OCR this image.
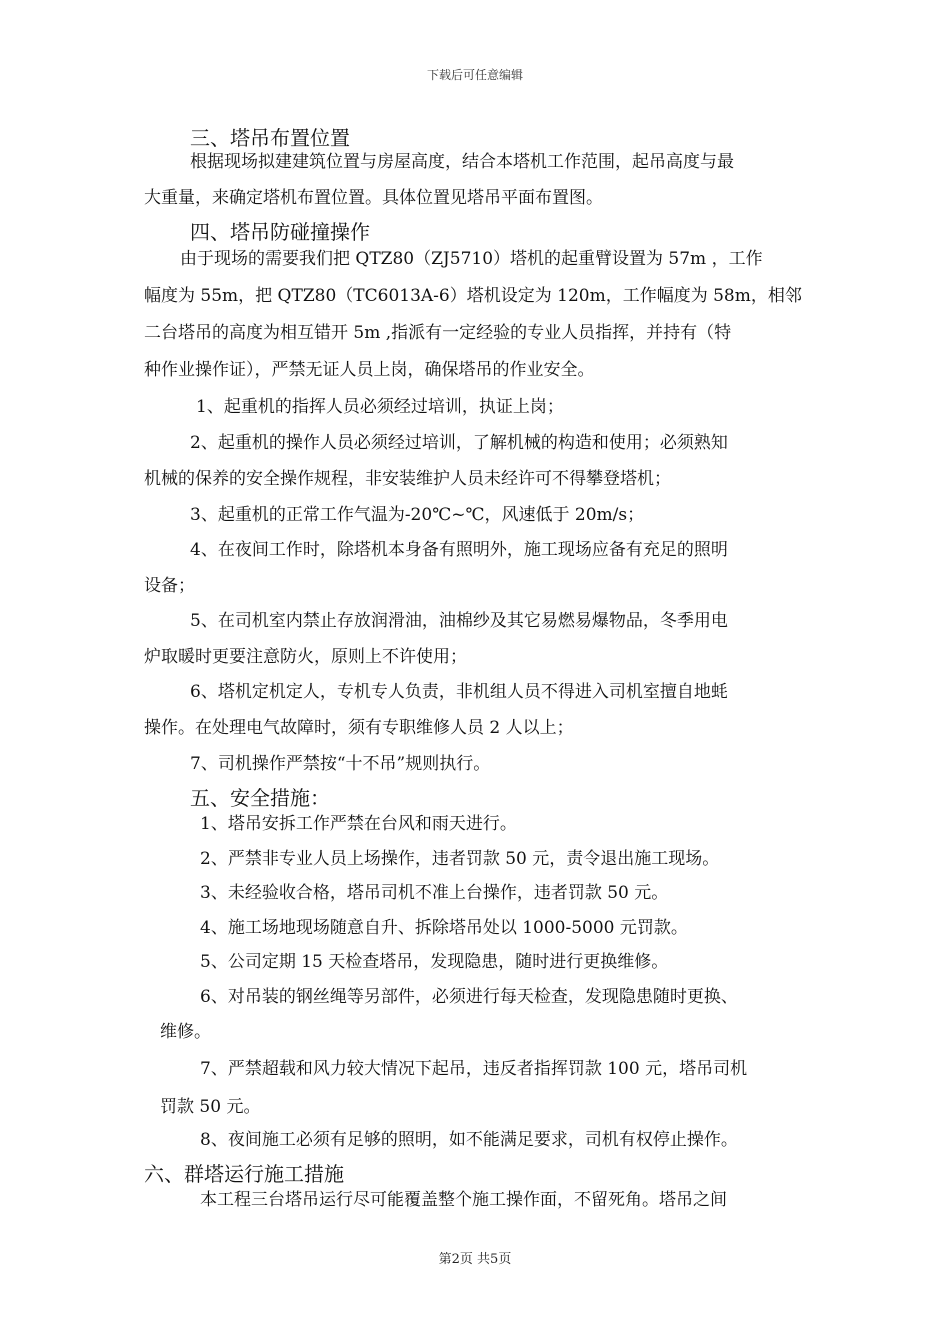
下载后可任意编辑
三、塔吊布置位置
根据现场拟建建筑位置与房屋高度，结合本塔机工作范围，起吊高度与最
大重量，来确定塔机布置位置。具体位置见塔吊平面布置图。
四、塔吊防碰撞操作
由于现场的需要我们把 QTZ80（ZJ5710）塔机的起重臂设置为 57m ，工作
幅度为 55m，把 QTZ80（TC6013A-6）塔机设定为 120m，工作幅度为 58m，相邻
二台塔吊的高度为相互错开 5m ,指派有一定经验的专业人员指挥，并持有（特
种作业操作证），严禁无证人员上岗，确保塔吊的作业安全。
1、起重机的指挥人员必须经过培训，执证上岗；
2、起重机的操作人员必须经过培训，了解机械的构造和使用；必须熟知
机械的保养的安全操作规程，非安装维护人员未经许可不得攀登塔机；
3、起重机的正常工作气温为-20℃~℃，风速低于 20m/s；
4、在夜间工作时，除塔机本身备有照明外，施工现场应备有充足的照明
设备；
5、在司机室内禁止存放润滑油，油棉纱及其它易燃易爆物品，冬季用电
炉取暖时更要注意防火，原则上不许使用；
6、塔机定机定人，专机专人负责，非机组人员不得进入司机室擅自地蚝
操作。在处理电气故障时，须有专职维修人员 2 人以上；
7、司机操作严禁按“十不吊”规则执行。
五、安全措施：
1、塔吊安拆工作严禁在台风和雨天进行。
2、严禁非专业人员上场操作，违者罚款 50 元，责令退出施工现场。
3、未经验收合格，塔吊司机不准上台操作，违者罚款 50 元。
4、施工场地现场随意自升、拆除塔吊处以 1000-5000 元罚款。
5、公司定期 15 天检查塔吊，发现隐患，随时进行更换维修。
6、对吊装的钢丝绳等另部件，必须进行每天检查，发现隐患随时更换、
维修。
7、严禁超载和风力较大情况下起吊，违反者指挥罚款 100 元，塔吊司机
罚款 50 元。
8、夜间施工必须有足够的照明，如不能满足要求，司机有权停止操作。
六、群塔运行施工措施
本工程三台塔吊运行尽可能覆盖整个施工操作面，不留死角。塔吊之间
第2页 共5页
